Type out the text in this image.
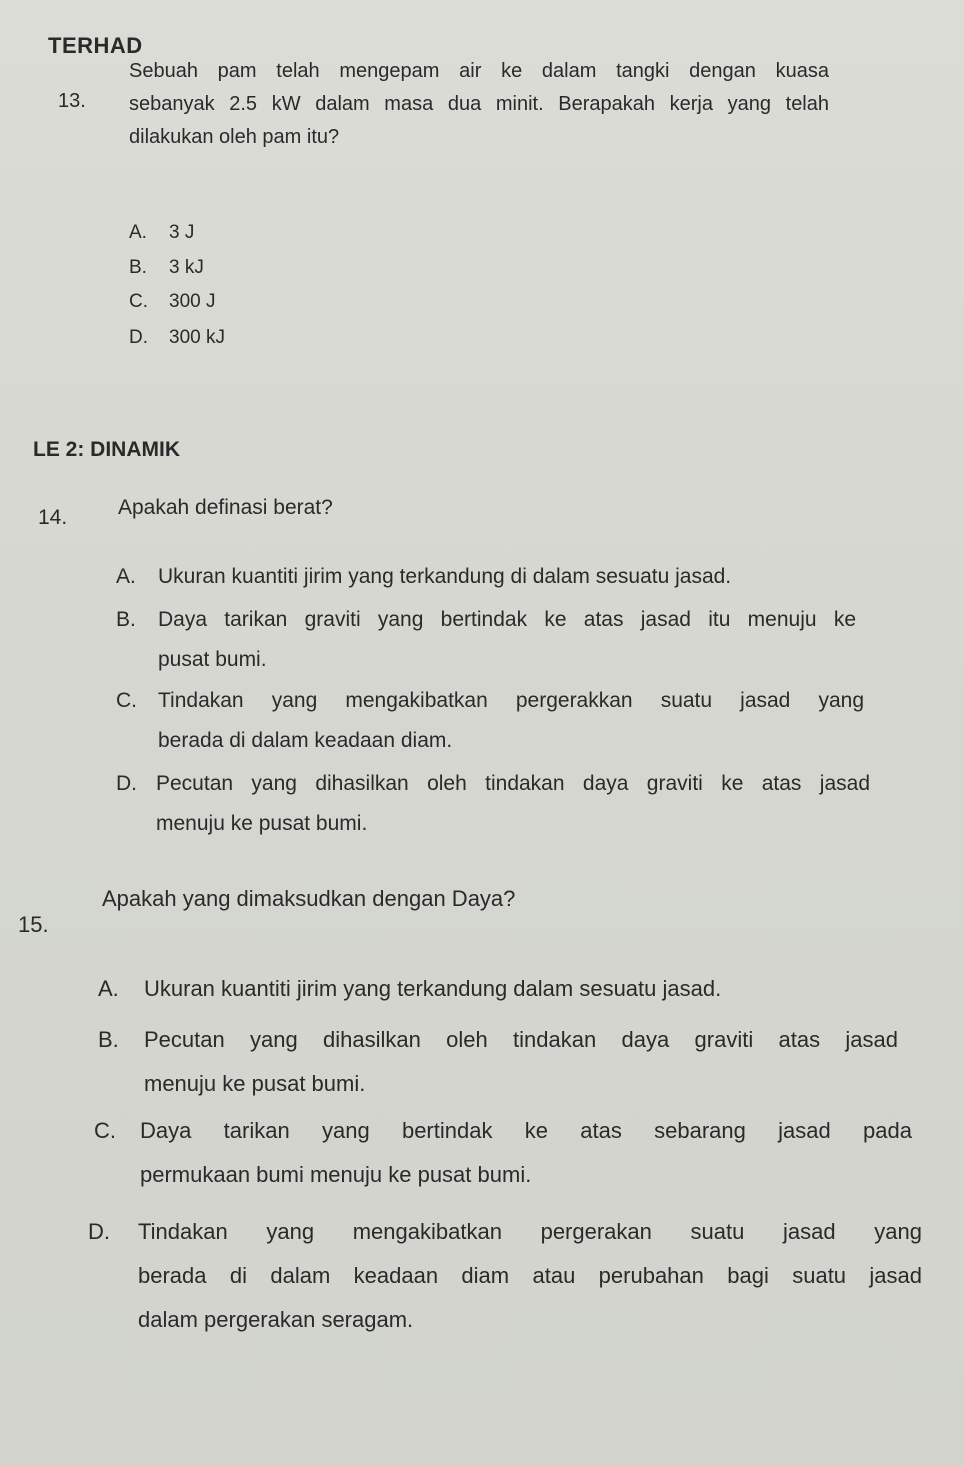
TERHAD
13.
Sebuah pam telah mengepam air ke dalam tangki dengan kuasa
sebanyak 2.5 kW dalam masa dua minit. Berapakah kerja yang telah
dilakukan oleh pam itu?
A. 3 J
B. 3 kJ
C. 300 J
D. 300 kJ
LE 2: DINAMIK
14. Apakah definasi berat?
A. Ukuran kuantiti jirim yang terkandung di dalam sesuatu jasad.
B. Daya tarikan graviti yang bertindak ke atas jasad itu menuju ke
pusat bumi.
C. Tindakan yang mengakibatkan pergerakkan suatu jasad yang
berada di dalam keadaan diam.
D. Pecutan yang dihasilkan oleh tindakan daya graviti ke atas jasad
menuju ke pusat bumi.
15.
Apakah yang dimaksudkan dengan Daya?
A. Ukuran kuantiti jirim yang terkandung dalam sesuatu jasad.
B. Pecutan yang dihasilkan oleh tindakan daya graviti atas jasad
menuju ke pusat bumi.
C. Daya tarikan yang bertindak ke atas sebarang jasad pada
permukaan bumi menuju ke pusat bumi.
D. Tindakan yang mengakibatkan pergerakan suatu jasad yang
berada di dalam keadaan diam atau perubahan bagi suatu jasad
dalam pergerakan seragam.
